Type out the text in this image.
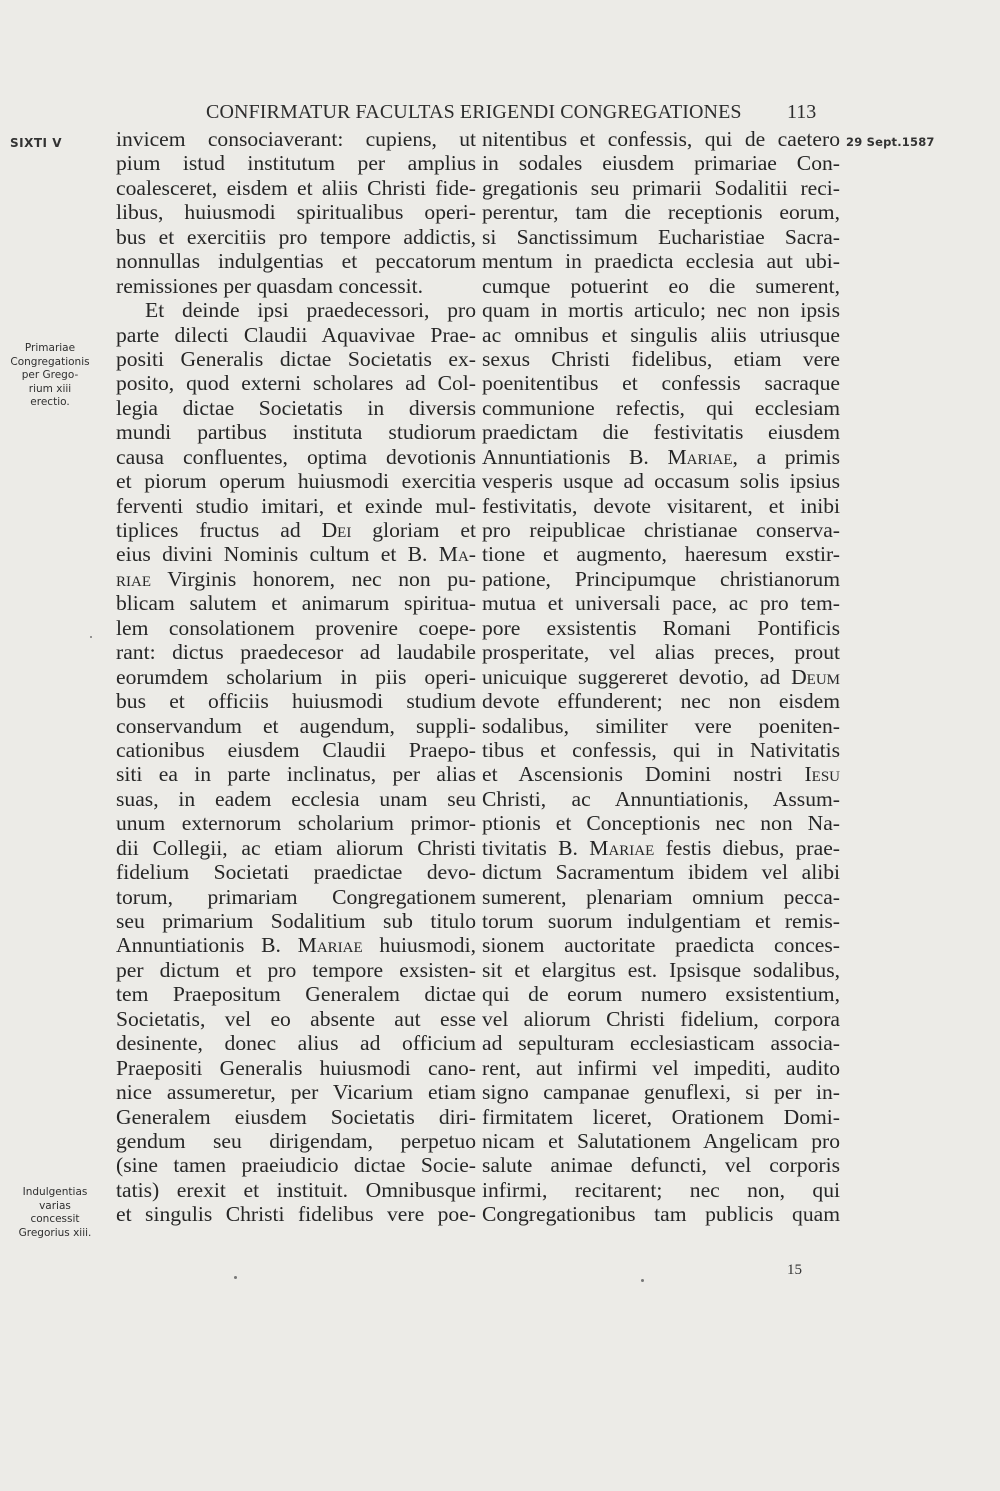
CONFIRMATUR FACULTAS ERIGENDI CONGREGATIONES 113
SIXTI V	29 Sept.1587
Primariae
Congregationis
per Grego-
rium xiii
erectio.
Indulgentias
varias
concessit
Gregorius xiii.
invicem consociaverant: cupiens, ut
pium istud institutum per amplius
coalesceret, eisdem et aliis Christi fide-
libus, huiusmodi spiritualibus operi-
bus et exercitiis pro tempore addictis,
nonnullas indulgentias et peccatorum
remissiones per quasdam concessit.
Et deinde ipsi praedecessori, pro
parte dilecti Claudii Aquavivae Prae-
positi Generalis dictae Societatis ex-
posito, quod externi scholares ad Col-
legia dictae Societatis in diversis
mundi partibus instituta studiorum
causa confluentes, optima devotionis
et piorum operum huiusmodi exercitia
ferventi studio imitari, et exinde mul-
tiplices fructus ad Dei gloriam et
eius divini Nominis cultum et B. Ma-
riae Virginis honorem, nec non pu-
blicam salutem et animarum spiritua-
lem consolationem provenire coepe-
rant: dictus praedecesor ad laudabile
eorumdem scholarium in piis operi-
bus et officiis huiusmodi studium
conservandum et augendum, suppli-
cationibus eiusdem Claudii Praepo-
siti ea in parte inclinatus, per alias
suas, in eadem ecclesia unam seu
unum externorum scholarium primor-
dii Collegii, ac etiam aliorum Christi
fidelium Societati praedictae devo-
torum, primariam Congregationem
seu primarium Sodalitium sub titulo
Annuntiationis B. Mariae huiusmodi,
per dictum et pro tempore exsisten-
tem Praepositum Generalem dictae
Societatis, vel eo absente aut esse
desinente, donec alius ad officium
Praepositi Generalis huiusmodi cano-
nice assumeretur, per Vicarium etiam
Generalem eiusdem Societatis diri-
gendum seu dirigendam, perpetuo
(sine tamen praeiudicio dictae Socie-
tatis) erexit et instituit. Omnibusque
et singulis Christi fidelibus vere poe-
nitentibus et confessis, qui de caetero
in sodales eiusdem primariae Con-
gregationis seu primarii Sodalitii reci-
perentur, tam die receptionis eorum,
si Sanctissimum Eucharistiae Sacra-
mentum in praedicta ecclesia aut ubi-
cumque potuerint eo die sumerent,
quam in mortis articulo; nec non ipsis
ac omnibus et singulis aliis utriusque
sexus Christi fidelibus, etiam vere
poenitentibus et confessis sacraque
communione refectis, qui ecclesiam
praedictam die festivitatis eiusdem
Annuntiationis B. Mariae, a primis
vesperis usque ad occasum solis ipsius
festivitatis, devote visitarent, et inibi
pro reipublicae christianae conserva-
tione et augmento, haeresum exstir-
patione, Principumque christianorum
mutua et universali pace, ac pro tem-
pore exsistentis Romani Pontificis
prosperitate, vel alias preces, prout
unicuique suggereret devotio, ad Deum
devote effunderent; nec non eisdem
sodalibus, similiter vere poeniten-
tibus et confessis, qui in Nativitatis
et Ascensionis Domini nostri Iesu
Christi, ac Annuntiationis, Assum-
ptionis et Conceptionis nec non Na-
tivitatis B. Mariae festis diebus, prae-
dictum Sacramentum ibidem vel alibi
sumerent, plenariam omnium pecca-
torum suorum indulgentiam et remis-
sionem auctoritate praedicta conces-
sit et elargitus est. Ipsisque sodalibus,
qui de eorum numero exsistentium,
vel aliorum Christi fidelium, corpora
ad sepulturam ecclesiasticam associa-
rent, aut infirmi vel impediti, audito
signo campanae genuflexi, si per in-
firmitatem liceret, Orationem Domi-
nicam et Salutationem Angelicam pro
salute animae defuncti, vel corporis
infirmi, recitarent; nec non, qui
Congregationibus tam publicis quam
15
